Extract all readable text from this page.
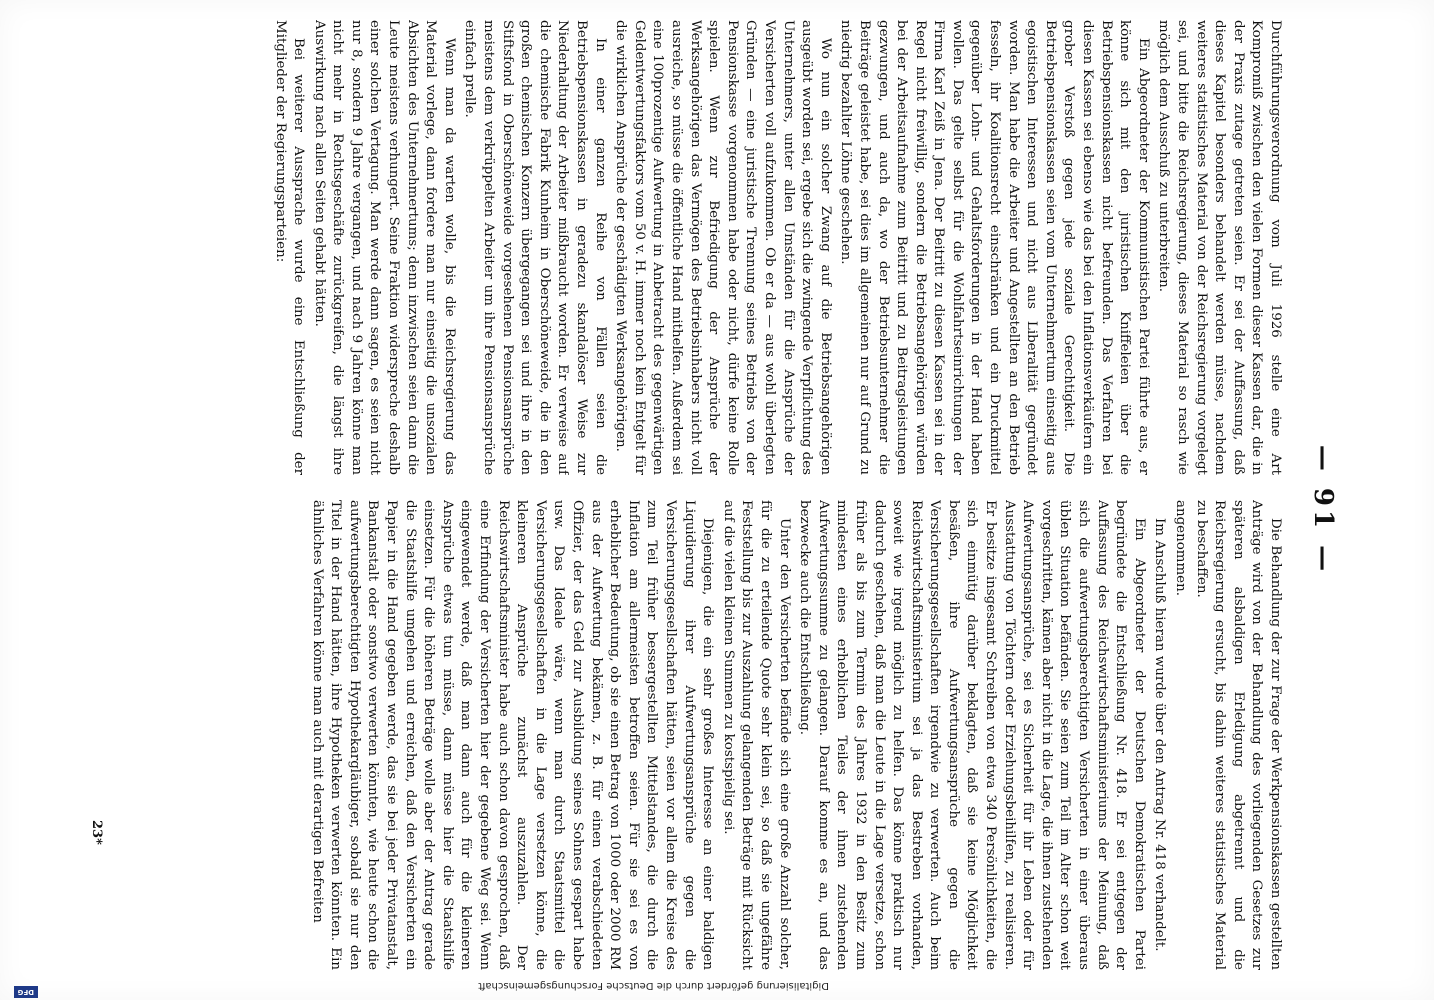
— 91 —

Durchführungsverordnung vom Juli 1926 stelle eine Art Kompromiß zwischen den vielen Formen dieser Kassen dar, die in der Praxis zutage getreten seien. Er sei der Auffassung, daß dieses Kapitel besonders behandelt werden müsse, nachdem weiteres statistisches Material von der Reichsregierung vorgelegt sei, und bitte die Reichsregierung, dieses Material so rasch wie möglich dem Ausschuß zu unterbreiten.

Ein Abgeordneter der Kommunistischen Partei führte aus, er könne sich mit den juristischen Kniffeleien über die Betriebspensionskassen nicht befreunden. Das Verfahren bei diesen Kassen sei ebenso wie das bei den Inflationsverkäufern ein grober Verstoß gegen jede soziale Gerechtigkeit. Die Betriebspensionskassen seien vom Unternehmertum einseitig aus egoistischen Interessen und nicht aus Liberalität gegründet worden. Man habe die Arbeiter und Angestellten an den Betrieb fesseln, ihr Koalitionsrecht einschränken und ein Druckmittel gegenüber Lohn- und Gehaltsforderungen in der Hand haben wollen. Das gelte selbst für die Wohlfahrtseinrichtungen der Firma Karl Zeiß in Jena. Der Beitritt zu diesen Kassen sei in der Regel nicht freiwillig, sondern die Betriebsangehörigen würden bei der Arbeitsaufnahme zum Beitritt und zu Beitragsleistungen gezwungen, und auch da, wo der Betriebsunternehmer die Beiträge geleistet habe, sei dies im allgemeinen nur auf Grund zu niedrig bezahlter Löhne geschehen.

Wo nun ein solcher Zwang auf die Betriebsangehörigen ausgeübt worden sei, ergebe sich die zwingende Verpflichtung des Unternehmers, unter allen Umständen für die Ansprüche der Versicherten voll aufzukommen. Ob er da — aus wohl überlegten Gründen — eine juristische Trennung seines Betriebs von der Pensionskasse vorgenommen habe oder nicht, dürfe keine Rolle spielen. Wenn zur Befriedigung der Ansprüche der Werksangehörigen das Vermögen des Betriebsinhabers nicht voll ausreiche, so müsse die öffentliche Hand mithelfen. Außerdem sei eine 100prozentige Aufwertung in Anbetracht des gegenwärtigen Geldentwertungsfaktors vom 50 v. H. immer noch kein Entgelt für die wirklichen Ansprüche der geschädigten Werksangehörigen.

In einer ganzen Reihe von Fällen seien die Betriebspensionskassen in geradezu skandalöser Weise zur Niederhaltung der Arbeiter mißbraucht worden. Er verweise auf die chemische Fabrik Kunheim in Oberschöneweide, die in den großen chemischen Konzern übergegangen sei und ihre in den Stiftsfond in Oberschöneweide vorgesehenen Pensionsansprüche meistens dem verkrüppelten Arbeiter um ihre Pensionsansprüche einfach prelle.

Wenn man da warten wolle, bis die Reichsregierung das Material vorlege, dann fordere man nur einseitig die unsozialen Absichten des Unternehmertums; denn inzwischen seien dann die Leute meistens verhungert. Seine Fraktion widerspreche deshalb einer solchen Vertagung. Man werde dann sagen, es seien nicht nur 8, sondern 9 Jahre vergangen, und nach 9 Jahren könne man nicht mehr in Rechtsgeschäfte zurückgreifen, die längst ihre Auswirkung nach allen Seiten gehabt hätten.

Bei weiterer Aussprache wurde eine Entschließung der Mitglieder der Regierungsparteien:

Die Behandlung der zur Frage der Werkpensionskassen gestellten Anträge wird von der Behandlung des vorliegenden Gesetzes zur späteren alsbaldigen Erledigung abgetrennt und die Reichsregierung ersucht, bis dahin weiteres statistisches Material zu beschaffen.

angenommen.

Im Anschluß hieran wurde über den Antrag Nr. 418 verhandelt.

Ein Abgeordneter der Deutschen Demokratischen Partei begründete die Entschließung Nr. 418. Er sei entgegen der Auffassung des Reichswirtschaftsministeriums der Meinung, daß sich die aufwertungsberechtigten Versicherten in einer überaus üblen Situation befänden. Sie seien zum Teil im Alter schon weit vorgeschritten, kämen aber nicht in die Lage, die ihnen zustehenden Aufwertungsansprüche, sei es Sicherheit für ihr Leben oder für Ausstattung von Töchtern oder Erziehungsbeihilfen, zu realisieren. Er besitze insgesamt Schreiben von etwa 340 Persönlichkeiten, die sich einmütig darüber beklagten, daß sie keine Möglichkeit besäßen, ihre Aufwertungsansprüche gegen die Versicherungsgesellschaften irgendwie zu verwerten. Auch beim Reichswirtschaftsministerium sei ja das Bestreben vorhanden, soweit wie irgend möglich zu helfen. Das könne praktisch nur dadurch geschehen, daß man die Leute in die Lage versetze, schon früher als bis zum Termin des Jahres 1932 in den Besitz zum mindesten eines erheblichen Teiles der ihnen zustehenden Aufwertungssumme zu gelangen. Darauf komme es an, und das bezwecke auch die Entschließung.

Unter den Versicherten befände sich eine große Anzahl solcher, für die zu erteilende Quote sehr klein sei, so daß sie ungefähre Feststellung bis zur Auszahlung gelangenden Beträge mit Rücksicht auf die vielen kleinen Summen zu kostspielig sei.

Diejenigen, die ein sehr großes Interesse an einer baldigen Liquidierung ihrer Aufwertungsansprüche gegen die Versicherungsgesellschaften hätten, seien vor allem die Kreise des zum Teil früher bessergestellten Mittelstandes, die durch die Inflation am allermeisten betroffen seien. Für sie sei es von erheblicher Bedeutung, ob sie einen Betrag von 1000 oder 2000 RM aus der Aufwertung bekämen, z. B. für einen verabschiedeten Offizier, der das Geld zur Ausbildung seines Sohnes gespart habe usw. Das Ideale wäre, wenn man durch Staatsmittel die Versicherungsgesellschaften in die Lage versetzen könne, die kleineren Ansprüche zunächst auszuzahlen. Der Reichswirtschaftsminister habe auch schon davon gesprochen, daß eine Erfindung der Versicherten hier der gegebene Weg sei. Wenn eingewendet werde, daß man dann auch für die kleineren Ansprüche etwas tun müsse, dann müsse hier die Staatshilfe einsetzen. Für die höheren Beträge wolle aber der Antrag gerade die Staatshilfe umgehen und erreichen, daß den Versicherten ein Papier in die Hand gegeben werde, das sie bei jeder Privatanstalt, Bankanstalt oder sonstwo verwerten könnten, wie heute schon die aufwertungsberechtigten Hypothekargläubiger, sobald sie nur den Titel in der Hand hätten, ihre Hypotheken verwerten könnten. Ein ähnliches Verfahren könne man auch mit derartigen Befreiten

23*
Digitalisierung gefördert durch die Deutsche Forschungsgemeinschaft
DFG
